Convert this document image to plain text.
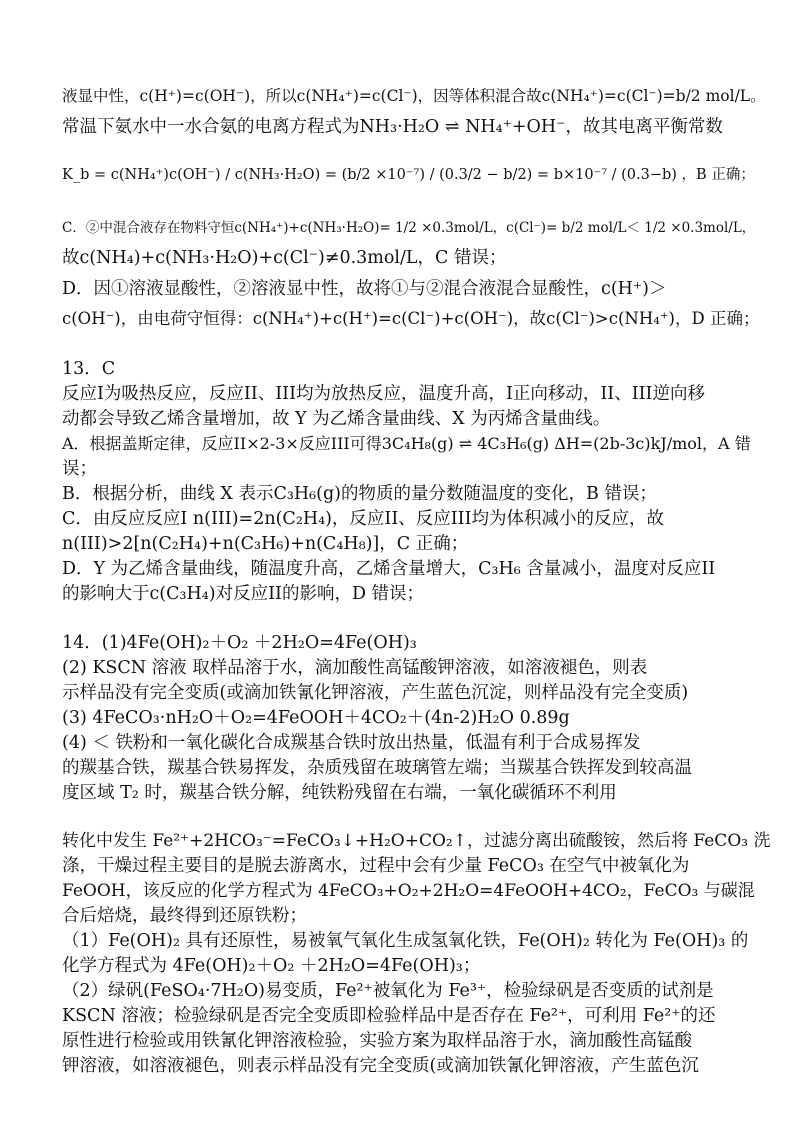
液显中性，c(H⁺)=c(OH⁻)，所以c(NH₄⁺)=c(Cl⁻)，因等体积混合故c(NH₄⁺)=c(Cl⁻)=b/2 mol/L。
常温下氨水中一水合氨的电离方程式为NH₃·H₂O ⇌ NH₄⁺+OH⁻，故其电离平衡常数
K_b = c(NH₄⁺)c(OH⁻) / c(NH₃·H₂O) = (b/2 ×10⁻⁷) / (0.3/2 − b/2) = b×10⁻⁷ / (0.3−b) ，B 正确；
C．②中混合液存在物料守恒c(NH₄⁺)+c(NH₃·H₂O)= 1/2 ×0.3mol/L，c(Cl⁻)= b/2 mol/L＜ 1/2 ×0.3mol/L，
故c(NH₄)+c(NH₃·H₂O)+c(Cl⁻)≠0.3mol/L，C 错误；
D．因①溶液显酸性，②溶液显中性，故将①与②混合液混合显酸性，c(H⁺)＞
c(OH⁻)，由电荷守恒得：c(NH₄⁺)+c(H⁺)=c(Cl⁻)+c(OH⁻)，故c(Cl⁻)>c(NH₄⁺)，D 正确；
13．C
反应I为吸热反应，反应II、III均为放热反应，温度升高，I正向移动，II、III逆向移
动都会导致乙烯含量增加，故 Y 为乙烯含量曲线、X 为丙烯含量曲线。
A．根据盖斯定律，反应II×2-3×反应III可得3C₄H₈(g) ⇌ 4C₃H₆(g) ΔH=(2b-3c)kJ/mol，A 错
误；
B．根据分析，曲线 X 表示C₃H₆(g)的物质的量分数随温度的变化，B 错误；
C．由反应反应I n(III)=2n(C₂H₄)，反应II、反应III均为体积减小的反应，故
n(III)>2[n(C₂H₄)+n(C₃H₆)+n(C₄H₈)]，C 正确；
D．Y 为乙烯含量曲线，随温度升高，乙烯含量增大，C₃H₆ 含量减小，温度对反应II
的影响大于c(C₃H₄)对反应II的影响，D 错误；
14．(1)4Fe(OH)₂＋O₂ ＋2H₂O=4Fe(OH)₃
(2) KSCN 溶液 取样品溶于水，滴加酸性高锰酸钾溶液，如溶液褪色，则表
示样品没有完全变质(或滴加铁氰化钾溶液，产生蓝色沉淀，则样品没有完全变质)
(3) 4FeCO₃·nH₂O＋O₂=4FeOOH＋4CO₂＋(4n-2)H₂O 0.89g
(4) ＜ 铁粉和一氧化碳化合成羰基合铁时放出热量，低温有利于合成易挥发
的羰基合铁，羰基合铁易挥发，杂质残留在玻璃管左端；当羰基合铁挥发到较高温
度区域 T₂ 时，羰基合铁分解，纯铁粉残留在右端，一氧化碳循环不利用
转化中发生 Fe²⁺+2HCO₃⁻=FeCO₃↓+H₂O+CO₂↑，过滤分离出硫酸铵，然后将 FeCO₃ 洗
涤，干燥过程主要目的是脱去游离水，过程中会有少量 FeCO₃ 在空气中被氧化为
FeOOH，该反应的化学方程式为 4FeCO₃+O₂+2H₂O=4FeOOH+4CO₂，FeCO₃ 与碳混
合后焙烧，最终得到还原铁粉；
（1）Fe(OH)₂ 具有还原性，易被氧气氧化生成氢氧化铁，Fe(OH)₂ 转化为 Fe(OH)₃ 的
化学方程式为 4Fe(OH)₂＋O₂ ＋2H₂O=4Fe(OH)₃；
（2）绿矾(FeSO₄·7H₂O)易变质，Fe²⁺被氧化为 Fe³⁺，检验绿矾是否变质的试剂是
KSCN 溶液；检验绿矾是否完全变质即检验样品中是否存在 Fe²⁺，可利用 Fe²⁺的还
原性进行检验或用铁氰化钾溶液检验，实验方案为取样品溶于水，滴加酸性高锰酸
钾溶液，如溶液褪色，则表示样品没有完全变质(或滴加铁氰化钾溶液，产生蓝色沉
